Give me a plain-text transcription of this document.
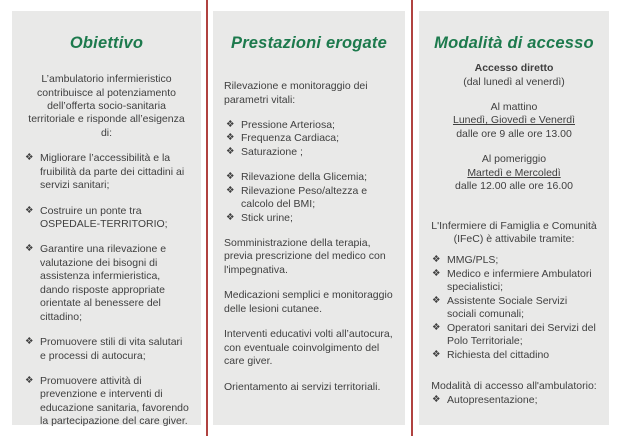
Obiettivo

L’ambulatorio infermieristico contribuisce al potenziamento dell’offerta socio-sanitaria territoriale e risponde all’esigenza di:

❖ Migliorare l’accessibilità e la fruibilità da parte dei cittadini ai servizi sanitari;
❖ Costruire un ponte tra OSPEDALE-TERRITORIO;
❖ Garantire una rilevazione e valutazione dei bisogni di assistenza infermieristica, dando risposte appropriate orientate al benessere del cittadino;
❖ Promuovere stili di vita salutari e processi di autocura;
❖ Promuovere attività di prevenzione e interventi di educazione sanitaria, favorendo la partecipazione del care giver.
Prestazioni erogate

Rilevazione e monitoraggio dei parametri vitali:

❖ Pressione Arteriosa;
❖ Frequenza Cardiaca;
❖ Saturazione ;
❖ Rilevazione della Glicemia;
❖ Rilevazione Peso/altezza e calcolo del BMI;
❖ Stick urine;

Somministrazione della terapia, previa prescrizione del medico con l'impegnativa.

Medicazioni semplici e monitoraggio delle lesioni cutanee.

Interventi educativi volti all’autocura, con eventuale coinvolgimento del care giver.

Orientamento ai servizi territoriali.

Modalità di accesso

Accesso diretto

(dal lunedì al venerdì)

Al mattino

Lunedì, Giovedì e Venerdì
dalle ore 9 alle ore 13.00

Al pomeriggio

Martedì e Mercoledì
dalle 12.00 alle ore 16.00

L'Infermiere di Famiglia e Comunità (IFeC) è attivabile tramite:

❖ MMG/PLS;
❖ Medico e infermiere Ambulatori specialistici;
❖ Assistente Sociale Servizi sociali comunali;
❖ Operatori sanitari dei Servizi del Polo Territoriale;
❖ Richiesta del cittadino

Modalità di accesso all'ambulatorio:

❖ Autopresentazione;
